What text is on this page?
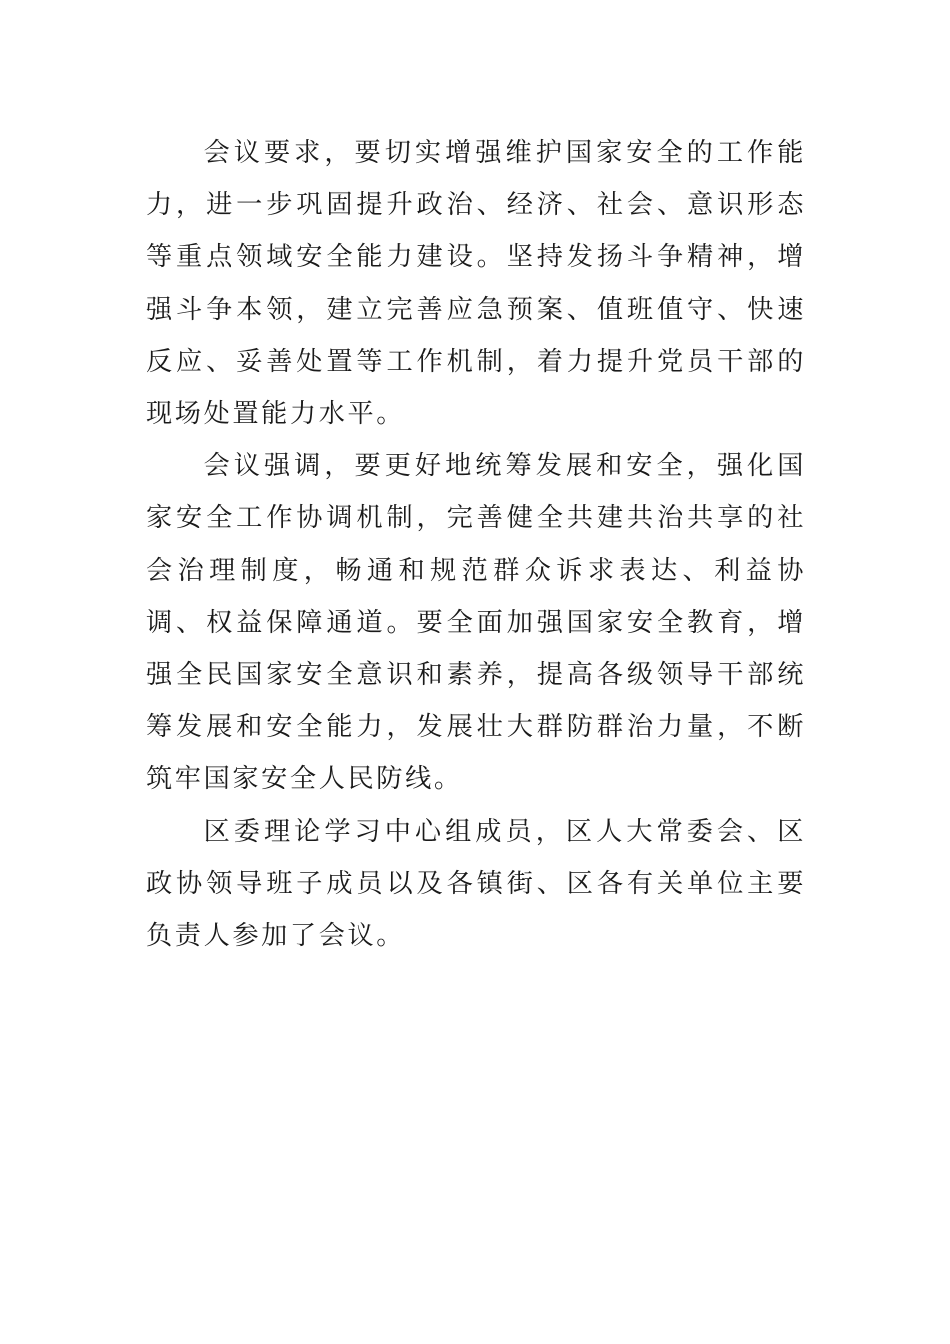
会议要求，要切实增强维护国家安全的工作能力，进一步巩固提升政治、经济、社会、意识形态等重点领域安全能力建设。坚持发扬斗争精神，增强斗争本领，建立完善应急预案、值班值守、快速反应、妥善处置等工作机制，着力提升党员干部的现场处置能力水平。

会议强调，要更好地统筹发展和安全，强化国家安全工作协调机制，完善健全共建共治共享的社会治理制度，畅通和规范群众诉求表达、利益协调、权益保障通道。要全面加强国家安全教育，增强全民国家安全意识和素养，提高各级领导干部统筹发展和安全能力，发展壮大群防群治力量，不断筑牢国家安全人民防线。

区委理论学习中心组成员，区人大常委会、区政协领导班子成员以及各镇街、区各有关单位主要负责人参加了会议。
